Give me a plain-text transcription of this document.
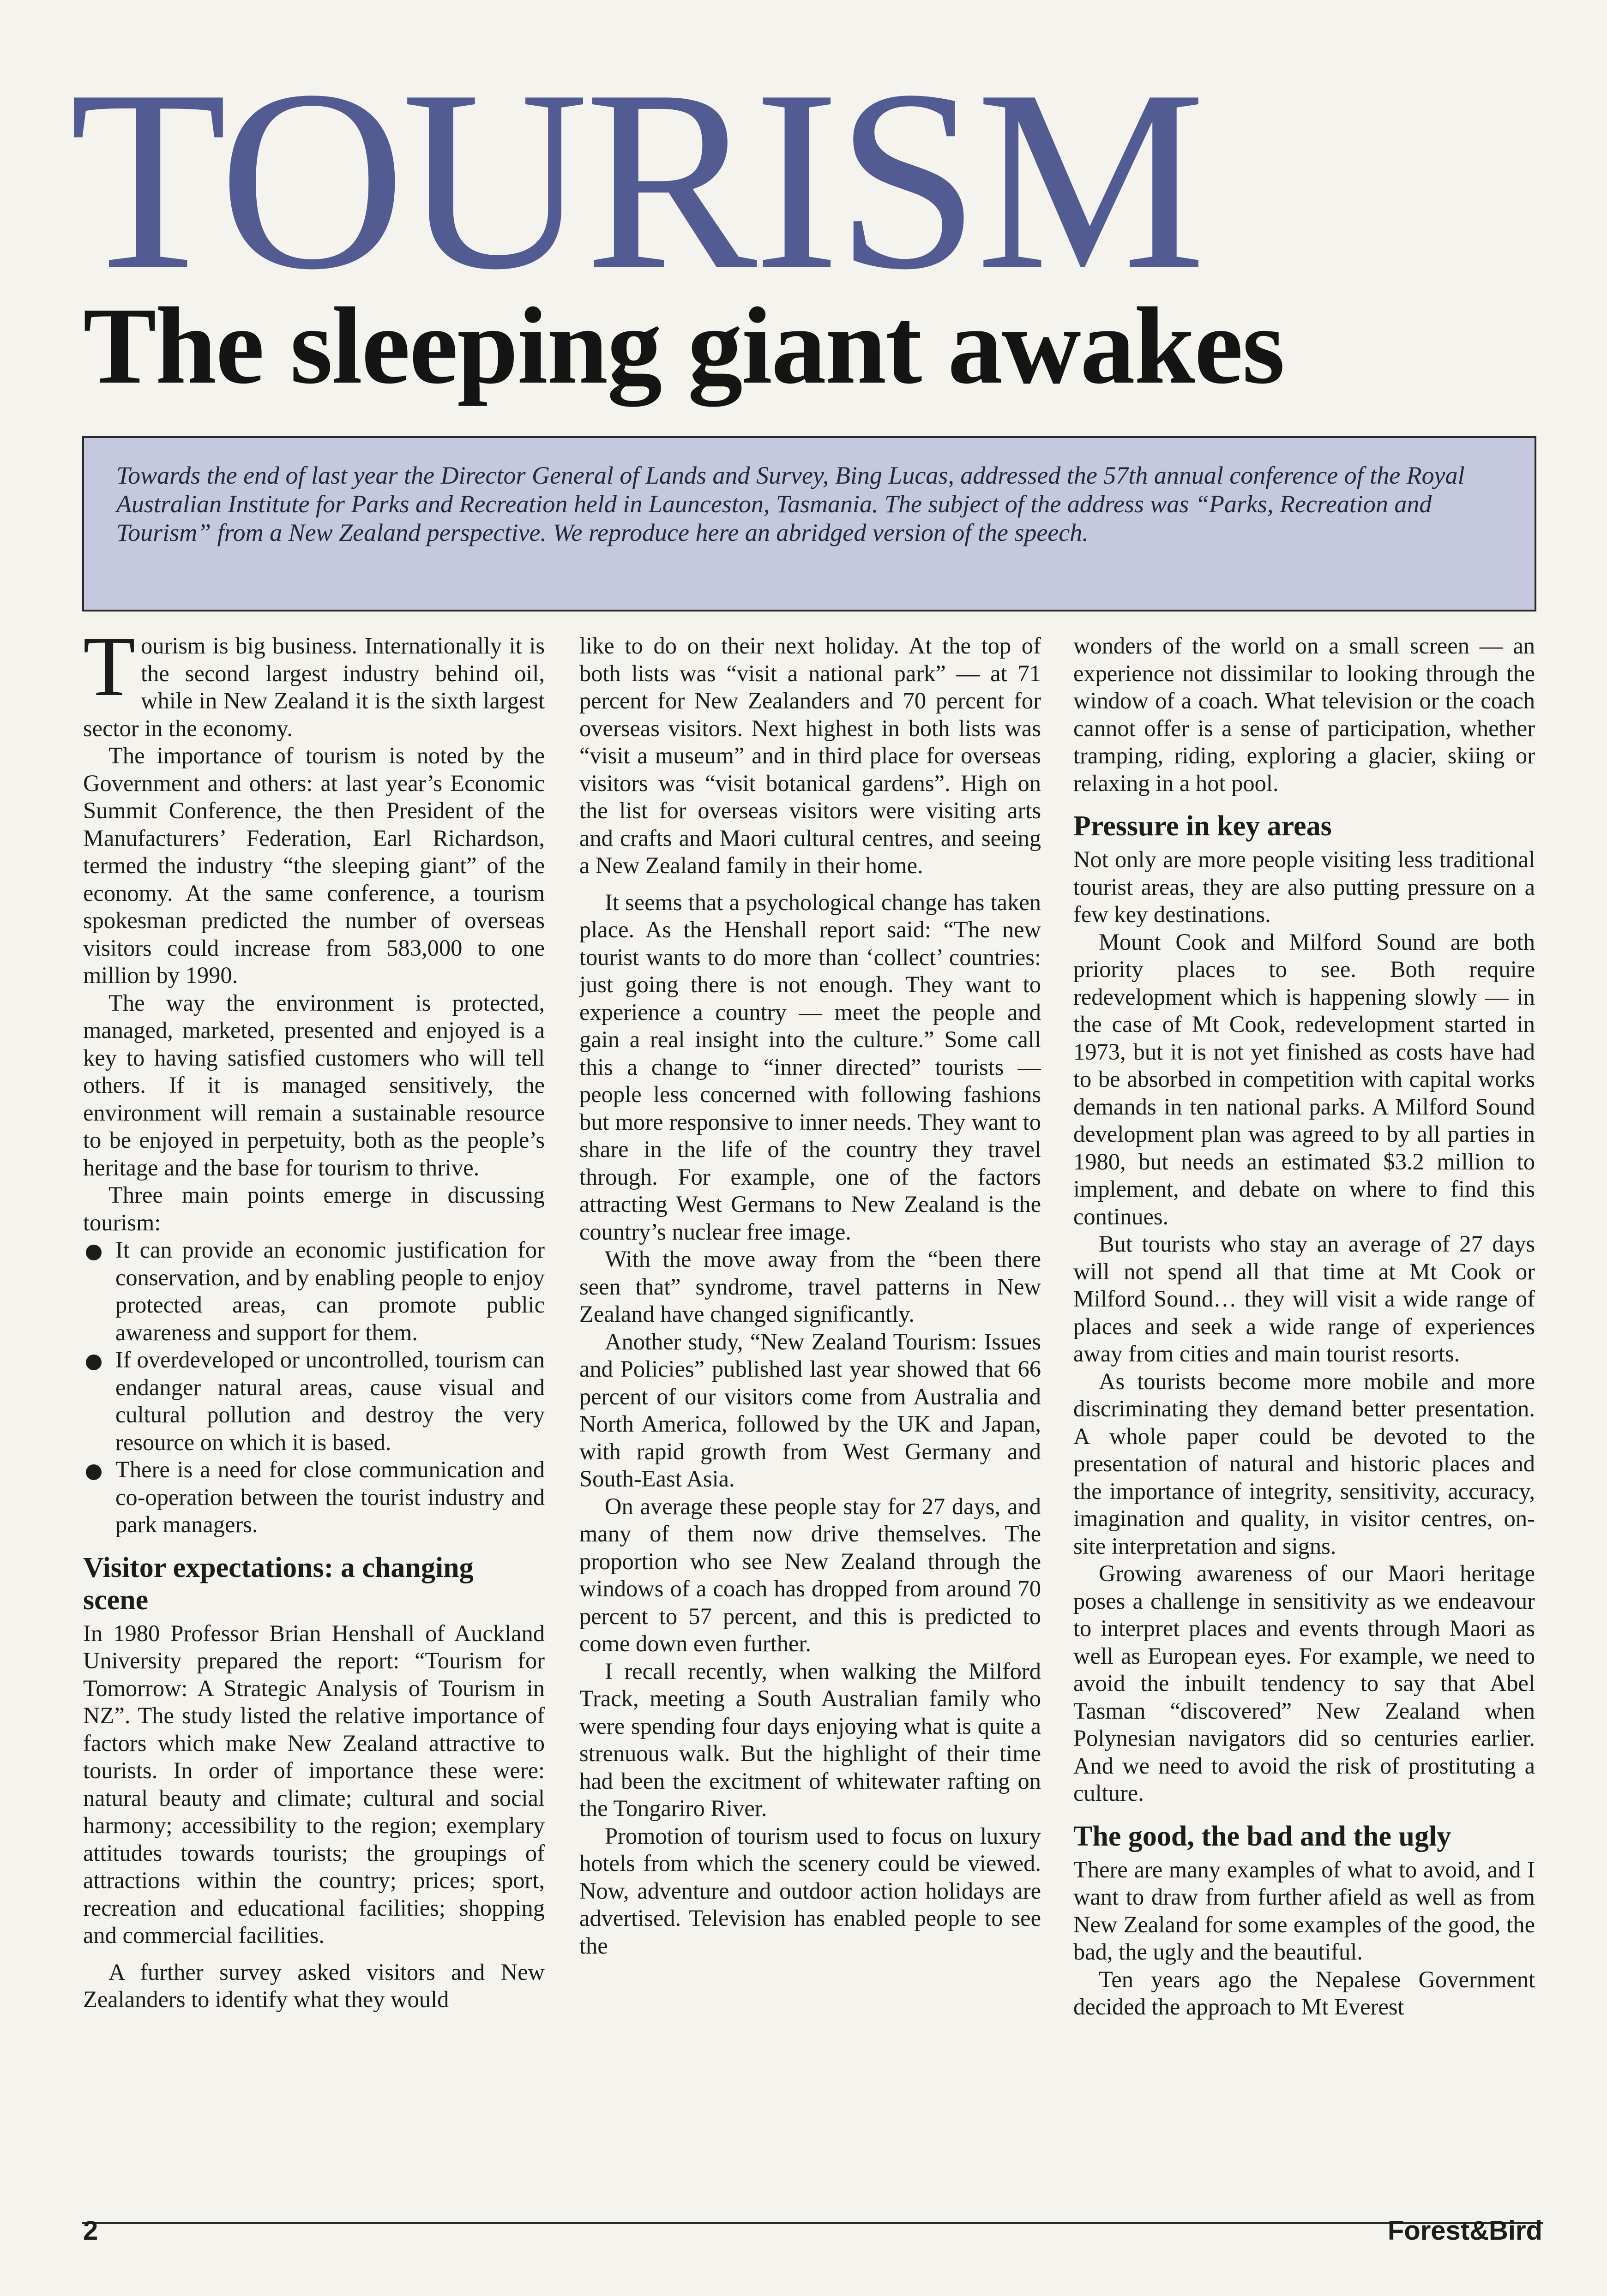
TOURISM
The sleeping giant awakes
Towards the end of last year the Director General of Lands and Survey, Bing Lucas, addressed the 57th annual conference of the Royal Australian Institute for Parks and Recreation held in Launceston, Tasmania. The subject of the address was “Parks, Recreation and Tourism” from a New Zealand perspective. We reproduce here an abridged version of the speech.

Tourism is big business. Internationally it is the second largest industry behind oil, while in New Zealand it is the sixth largest sector in the economy.

The importance of tourism is noted by the Government and others: at last year’s Economic Summit Conference, the then President of the Manufacturers’ Federation, Earl Richardson, termed the industry “the sleeping giant” of the economy. At the same conference, a tourism spokesman predicted the number of overseas visitors could increase from 583,000 to one million by 1990.

The way the environment is protected, managed, marketed, presented and enjoyed is a key to having satisfied customers who will tell others. If it is managed sensitively, the environment will remain a sustainable resource to be enjoyed in perpetuity, both as the people’s heritage and the base for tourism to thrive.

Three main points emerge in discussing tourism:

It can provide an economic justification for conservation, and by enabling people to enjoy protected areas, can promote public awareness and support for them.
If overdeveloped or uncontrolled, tourism can endanger natural areas, cause visual and cultural pollution and destroy the very resource on which it is based.
There is a need for close communication and co-operation between the tourist industry and park managers.
Visitor expectations: a changing scene

In 1980 Professor Brian Henshall of Auckland University prepared the report: “Tourism for Tomorrow: A Strategic Analysis of Tourism in NZ”. The study listed the relative importance of factors which make New Zealand attractive to tourists. In order of importance these were: natural beauty and climate; cultural and social harmony; accessibility to the region; exemplary attitudes towards tourists; the groupings of attractions within the country; prices; sport, recreation and educational facilities; shopping and commercial facilities.

A further survey asked visitors and New Zealanders to identify what they would

like to do on their next holiday. At the top of both lists was “visit a national park” — at 71 percent for New Zealanders and 70 percent for overseas visitors. Next highest in both lists was “visit a museum” and in third place for overseas visitors was “visit botanical gardens”. High on the list for overseas visitors were visiting arts and crafts and Maori cultural centres, and seeing a New Zealand family in their home.

It seems that a psychological change has taken place. As the Henshall report said: “The new tourist wants to do more than ‘collect’ countries: just going there is not enough. They want to experience a country — meet the people and gain a real insight into the culture.” Some call this a change to “inner directed” tourists — people less concerned with following fashions but more responsive to inner needs. They want to share in the life of the country they travel through. For example, one of the factors attracting West Germans to New Zealand is the country’s nuclear free image.

With the move away from the “been there seen that” syndrome, travel patterns in New Zealand have changed significantly.

Another study, “New Zealand Tourism: Issues and Policies” published last year showed that 66 percent of our visitors come from Australia and North America, followed by the UK and Japan, with rapid growth from West Germany and South-East Asia.

On average these people stay for 27 days, and many of them now drive themselves. The proportion who see New Zealand through the windows of a coach has dropped from around 70 percent to 57 percent, and this is predicted to come down even further.

I recall recently, when walking the Milford Track, meeting a South Australian family who were spending four days enjoying what is quite a strenuous walk. But the highlight of their time had been the excitment of whitewater rafting on the Tongariro River.

Promotion of tourism used to focus on luxury hotels from which the scenery could be viewed. Now, adventure and outdoor action holidays are advertised. Television has enabled people to see the

wonders of the world on a small screen — an experience not dissimilar to looking through the window of a coach. What television or the coach cannot offer is a sense of participation, whether tramping, riding, exploring a glacier, skiing or relaxing in a hot pool.

Pressure in key areas

Not only are more people visiting less traditional tourist areas, they are also putting pressure on a few key destinations.

Mount Cook and Milford Sound are both priority places to see. Both require redevelopment which is happening slowly — in the case of Mt Cook, redevelopment started in 1973, but it is not yet finished as costs have had to be absorbed in competition with capital works demands in ten national parks. A Milford Sound development plan was agreed to by all parties in 1980, but needs an estimated $3.2 million to implement, and debate on where to find this continues.

But tourists who stay an average of 27 days will not spend all that time at Mt Cook or Milford Sound… they will visit a wide range of places and seek a wide range of experiences away from cities and main tourist resorts.

As tourists become more mobile and more discriminating they demand better presentation. A whole paper could be devoted to the presentation of natural and historic places and the importance of integrity, sensitivity, accuracy, imagination and quality, in visitor centres, on-site interpretation and signs.

Growing awareness of our Maori heritage poses a challenge in sensitivity as we endeavour to interpret places and events through Maori as well as European eyes. For example, we need to avoid the inbuilt tendency to say that Abel Tasman “discovered” New Zealand when Polynesian navigators did so centuries earlier. And we need to avoid the risk of prostituting a culture.

The good, the bad and the ugly

There are many examples of what to avoid, and I want to draw from further afield as well as from New Zealand for some examples of the good, the bad, the ugly and the beautiful.

Ten years ago the Nepalese Government decided the approach to Mt Everest

2	Forest&Bird
